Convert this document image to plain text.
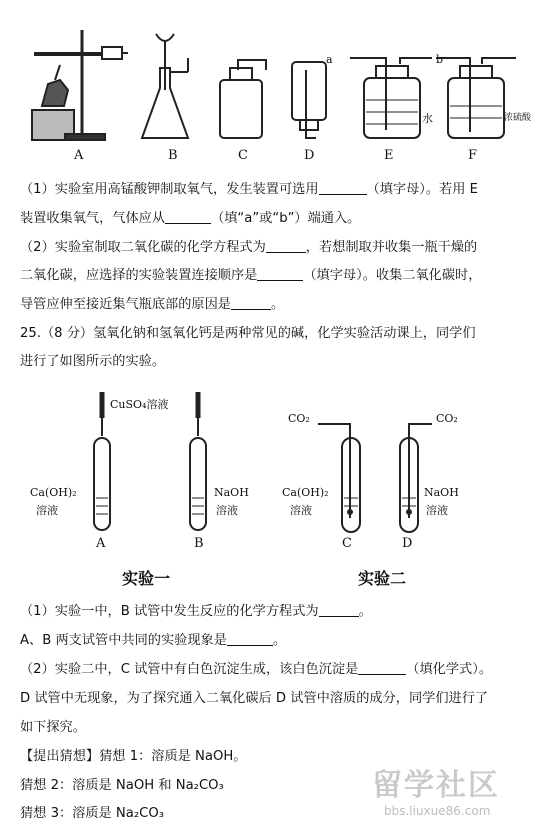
a	b
水	浓硫酸
A	B	C	D	E	F
（1）实验室用高锰酸钾制取氧气，发生装置可选用	（填字母）。若用 E
装置收集氧气，气体应从	（填“a”或“b”）端通入。
（2）实验室制取二氧化碳的化学方程式为	，若想制取并收集一瓶干燥的
二氧化碳，应选择的实验装置连接顺序是	（填字母）。收集二氧化碳时，
导管应伸至接近集气瓶底部的原因是	。
25.（8 分）氢氧化钠和氢氧化钙是两种常见的碱，化学实验活动课上，同学们
进行了如图所示的实验。
CuSO₄溶液
CO₂	CO₂
Ca(OH)₂
溶液
NaOH
溶液
Ca(OH)₂
溶液
NaOH
溶液
A	B	C	D
实验一	实验二
（1）实验一中，B 试管中发生反应的化学方程式为	。
A、B 两支试管中共同的实验现象是	。
（2）实验二中，C 试管中有白色沉淀生成，该白色沉淀是	（填化学式）。
D 试管中无现象，为了探究通入二氧化碳后 D 试管中溶质的成分，同学们进行了
如下探究。
【提出猜想】猜想 1：溶质是 NaOH。
猜想 2：溶质是 NaOH 和 Na₂CO₃
猜想 3：溶质是 Na₂CO₃
留学社区
bbs.liuxue86.com
